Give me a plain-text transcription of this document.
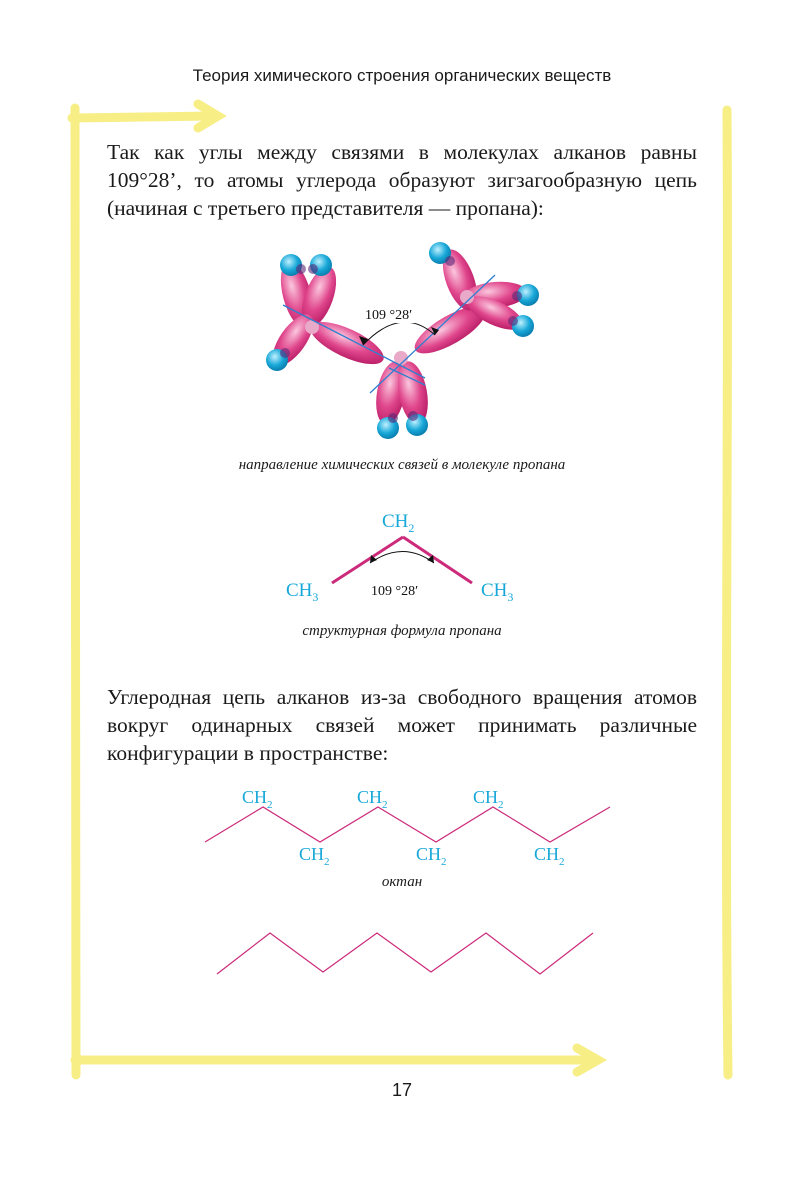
Теория химического строения органических веществ

Так как углы между связями в молекулах алканов равны 109°28’, то атомы углерода образуют зигзагообразную цепь (начиная с третьего представителя — пропана):

109 °28′
направление химических связей в молекуле пропана
$CH_2$
$CH_3$	$CH_3$
109 °28′
структурная формула пропана

Углеродная цепь алканов из-за свободного вращения атомов вокруг одинарных связей может принимать различные конфигурации в пространстве:

$CH_2$	$CH_2$	$CH_2$
$CH_2$	$CH_2$	$CH_2$
октан
17
